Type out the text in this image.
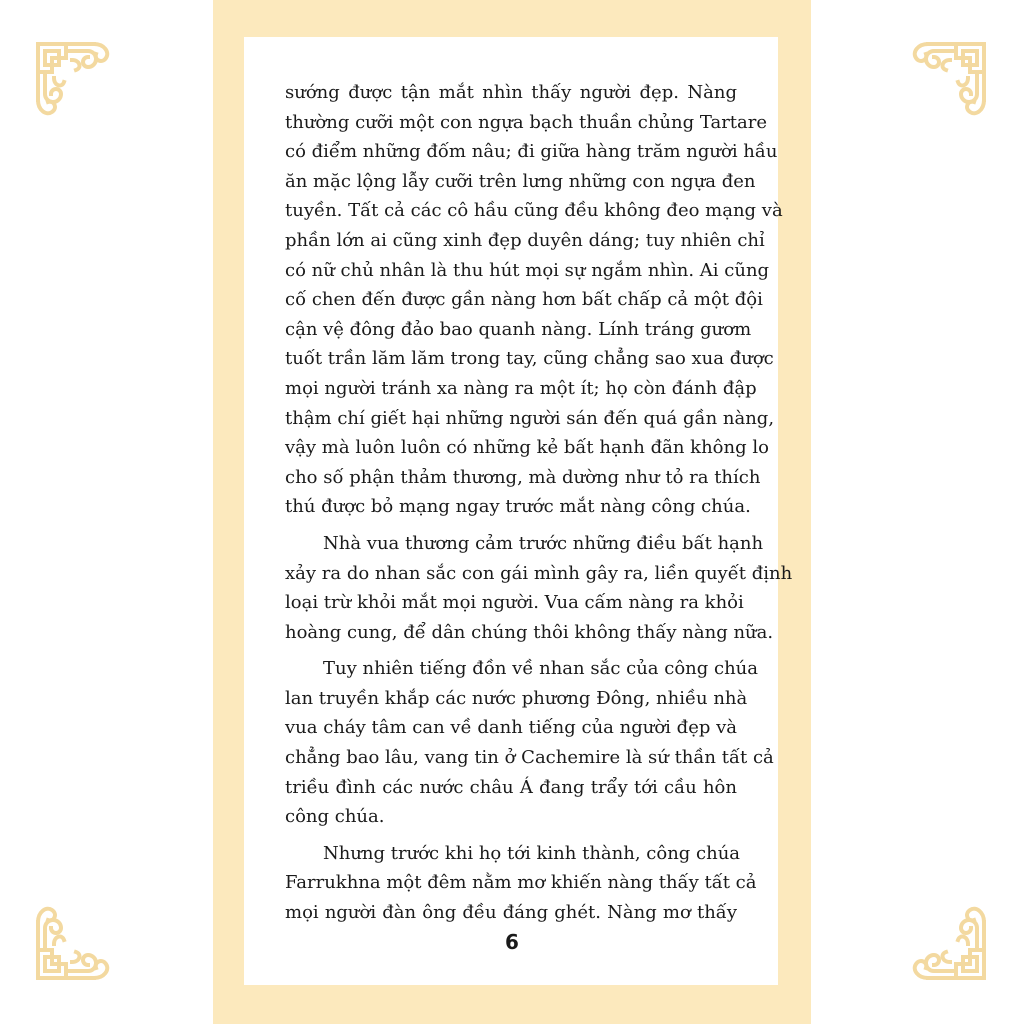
sướng được tận mắt nhìn thấy người đẹp. Nàng
thường cưỡi một con ngựa bạch thuần chủng Tartare
có điểm những đốm nâu; đi giữa hàng trăm người hầu
ăn mặc lộng lẫy cưỡi trên lưng những con ngựa đen
tuyền. Tất cả các cô hầu cũng đều không đeo mạng và
phần lớn ai cũng xinh đẹp duyên dáng; tuy nhiên chỉ
có nữ chủ nhân là thu hút mọi sự ngắm nhìn. Ai cũng
cố chen đến được gần nàng hơn bất chấp cả một đội
cận vệ đông đảo bao quanh nàng. Lính tráng gươm
tuốt trần lăm lăm trong tay, cũng chẳng sao xua được
mọi người tránh xa nàng ra một ít; họ còn đánh đập
thậm chí giết hại những người sán đến quá gần nàng,
vậy mà luôn luôn có những kẻ bất hạnh đãn không lo
cho số phận thảm thương, mà dường như tỏ ra thích
thú được bỏ mạng ngay trước mắt nàng công chúa.
Nhà vua thương cảm trước những điều bất hạnh
xảy ra do nhan sắc con gái mình gây ra, liền quyết định
loại trừ khỏi mắt mọi người. Vua cấm nàng ra khỏi
hoàng cung, để dân chúng thôi không thấy nàng nữa.
Tuy nhiên tiếng đồn về nhan sắc của công chúa
lan truyền khắp các nước phương Đông, nhiều nhà
vua cháy tâm can về danh tiếng của người đẹp và
chẳng bao lâu, vang tin ở Cachemire là sứ thần tất cả
triều đình các nước châu Á đang trẩy tới cầu hôn
công chúa.
Nhưng trước khi họ tới kinh thành, công chúa
Farrukhna một đêm nằm mơ khiến nàng thấy tất cả
mọi người đàn ông đều đáng ghét. Nàng mơ thấy
6
